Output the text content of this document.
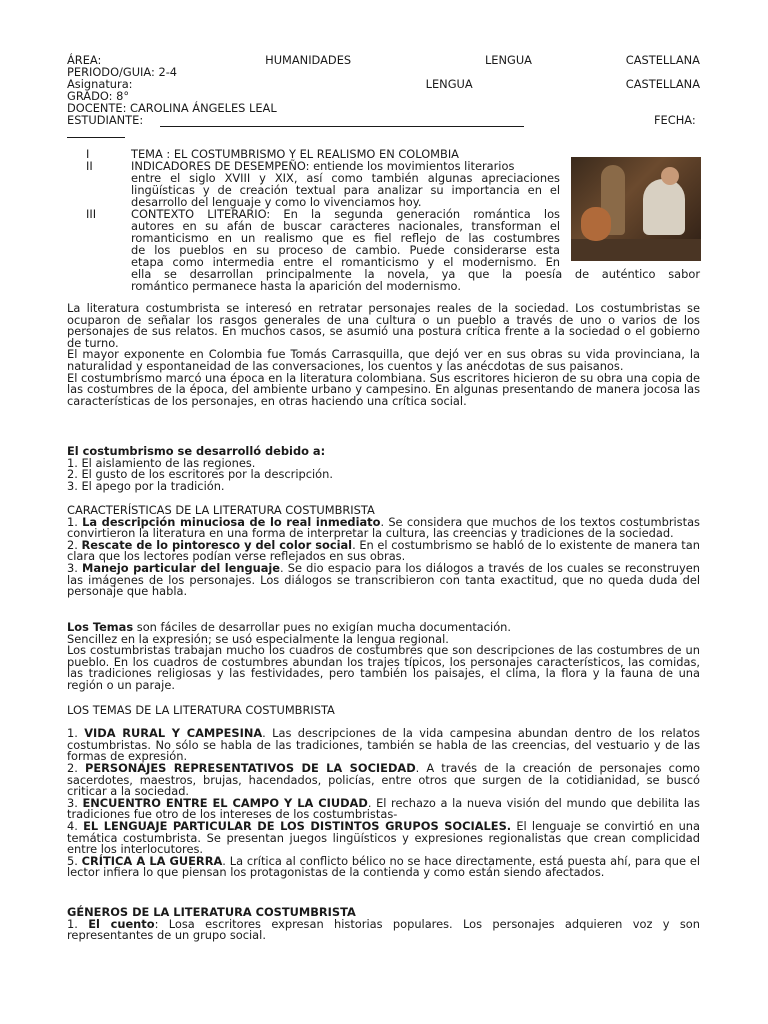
ÁREA:	HUMANIDADES	LENGUA	CASTELLANA
PERIODO/GUIA: 2-4
Asignatura:	LENGUA	CASTELLANA
GRADO: 8°
DOCENTE: CAROLINA ÁNGELES LEAL
ESTUDIANTE:	FECHA:
I	TEMA : EL COSTUMBRISMO Y EL REALISMO EN COLOMBIA
II	INDICADORES DE DESEMPEÑO: entiende los movimientos literarios
entre el siglo XVIII y XIX, así como también algunas apreciaciones
lingüísticas y de creación textual para analizar su importancia en el
desarrollo del lenguaje y como lo vivenciamos hoy.
III	CONTEXTO LITERARIO: En la segunda generación romántica los
autores en su afán de buscar caracteres nacionales, transforman el
romanticismo en un realismo que es fiel reflejo de las costumbres
de los pueblos en su proceso de cambio. Puede considerarse esta
etapa como intermedia entre el romanticismo y el modernismo. En
ella se desarrollan principalmente la novela, ya que la poesía de auténtico sabor
romántico permanece hasta la aparición del modernismo.

La literatura costumbrista se interesó en retratar personajes reales de la sociedad. Los costumbristas se ocuparon de señalar los rasgos generales de una cultura o un pueblo a través de uno o varios de los personajes de sus relatos. En muchos casos, se asumió una postura crítica frente a la sociedad o el gobierno de turno.

El mayor exponente en Colombia fue Tomás Carrasquilla, que dejó ver en sus obras su vida provinciana, la naturalidad y espontaneidad de las conversaciones, los cuentos y las anécdotas de sus paisanos.

El costumbrismo marcó una época en la literatura colombiana. Sus escritores hicieron de su obra una copia de las costumbres de la época, del ambiente urbano y campesino. En algunas presentando de manera jocosa las características de los personajes, en otras haciendo una crítica social.

El costumbrismo se desarrolló debido a:

1. El aislamiento de las regiones.

2. El gusto de los escritores por la descripción.

3. El apego por la tradición.

CARACTERÍSTICAS DE LA LITERATURA COSTUMBRISTA

1. La descripción minuciosa de lo real inmediato. Se considera que muchos de los textos costumbristas convirtieron la literatura en una forma de interpretar la cultura, las creencias y tradiciones de la sociedad.

2. Rescate de lo pintoresco y del color social. En el costumbrismo se habló de lo existente de manera tan clara que los lectores podían verse reflejados en sus obras.

3. Manejo particular del lenguaje. Se dio espacio para los diálogos a través de los cuales se reconstruyen las imágenes de los personajes. Los diálogos se transcribieron con tanta exactitud, que no queda duda del personaje que habla.

Los Temas son fáciles de desarrollar pues no exigían mucha documentación.

Sencillez en la expresión; se usó especialmente la lengua regional.

Los costumbristas trabajan mucho los cuadros de costumbres que son descripciones de las costumbres de un pueblo. En los cuadros de costumbres abundan los trajes típicos, los personajes característicos, las comidas, las tradiciones religiosas y las festividades, pero también los paisajes, el clima, la flora y la fauna de una región o un paraje.

LOS TEMAS DE LA LITERATURA COSTUMBRISTA

1. VIDA RURAL Y CAMPESINA. Las descripciones de la vida campesina abundan dentro de los relatos costumbristas. No sólo se habla de las tradiciones, también se habla de las creencias, del vestuario y de las formas de expresión.

2. PERSONAJES REPRESENTATIVOS DE LA SOCIEDAD. A través de la creación de personajes como sacerdotes, maestros, brujas, hacendados, policías, entre otros que surgen de la cotidianidad, se buscó criticar a la sociedad.

3. ENCUENTRO ENTRE EL CAMPO Y LA CIUDAD. El rechazo a la nueva visión del mundo que debilita las tradiciones fue otro de los intereses de los costumbristas-

4. EL LENGUAJE PARTICULAR DE LOS DISTINTOS GRUPOS SOCIALES. El lenguaje se convirtió en una temática costumbrista. Se presentan juegos lingüísticos y expresiones regionalistas que crean complicidad entre los interlocutores.

5. CRÍTICA A LA GUERRA. La crítica al conflicto bélico no se hace directamente, está puesta ahí, para que el lector infiera lo que piensan los protagonistas de la contienda y como están siendo afectados.

GÉNEROS DE LA LITERATURA COSTUMBRISTA

1. El cuento: Losa escritores expresan historias populares. Los personajes adquieren voz y son representantes de un grupo social.
